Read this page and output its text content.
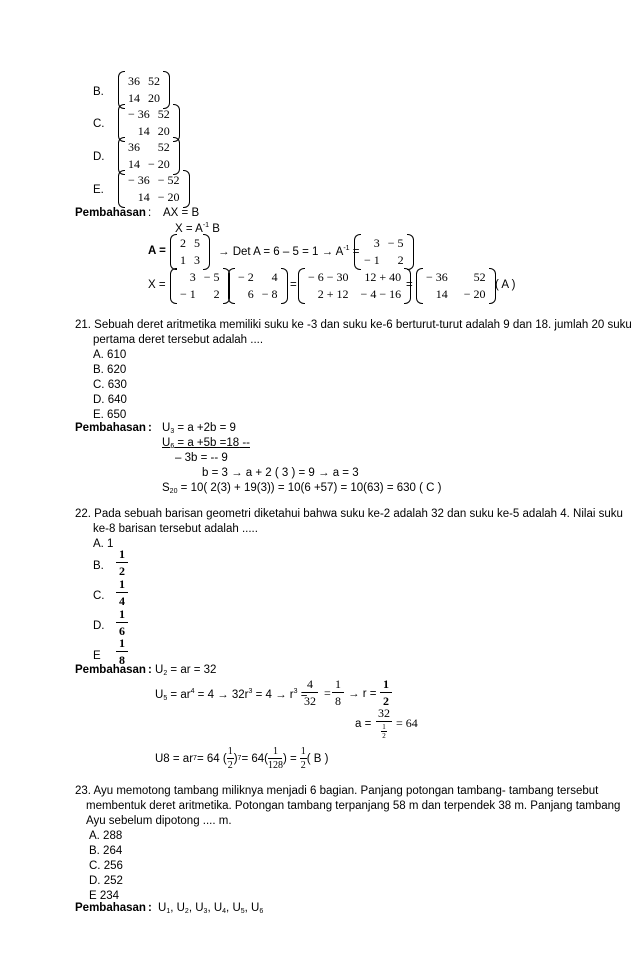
B.
36 52
14 20
C.
− 36 52
14 20
D.
36	52
14 − 20
E.
− 36 − 52
14 − 20
Pembahasan : AX = B
$X = A^{-1}$ B
A =
2 5
1 3
→ Det $A = 6 - 5 = 1 \to A^{-1}$ =
3 − 5
− 1	2
X =
3 − 5
− 1	2
− 2	4
6 − 8
=
− 6 − 30	12 + 40
2 + 12 − 4 − 16
=
− 36	52
14 − 20
( A )
21. Sebuah deret aritmetika memiliki suku ke -3 dan suku ke-6 berturut-turut adalah 9 dan 18. jumlah 20 suku
pertama deret tersebut adalah ....
A. 610
B. 620
C. 630
D. 640
E. 650
Pembahasan : $U_3 = a +2b = 9$
$U_6 = a +5b =18$ --
– 3b = -- 9
b = 3 → a + 2 ( 3 ) = 9 → a = 3
$S_{20} = 10$( 2(3) + 19(3)) = 10(6 +57) = 10(63) = 630 ( C )
22. Pada sebuah barisan geometri diketahui bahwa suku ke-2 adalah 32 dan suku ke-5 adalah 4. Nilai suku
ke-8 barisan tersebut adalah .....
A. 1
B.
1
2
C.
1
4
D.
1
6
E
1
8
Pembahasan : $U_2$ = ar = 32
$U_5 = ar^4 = 4 \to 32r^3 = 4 \to r^3$ =
4
32
=
1
8 → r =
1
2
a =
32
1
2
= 64
U8 = ar 7 = 64 (
1
2
) 7 = 64(
1
128
) =
1
2
( B )
23. Ayu memotong tambang miliknya menjadi 6 bagian. Panjang potongan tambang- tambang tersebut
membentuk deret aritmetika. Potongan tambang terpanjang 58 m dan terpendek 38 m. Panjang tambang
Ayu sebelum dipotong .... m.
A. 288
B. 264
C. 256
D. 252
E 234
Pembahasan : $U_1$, $U_2$, $U_3$, $U_4$, $U_5$, $U_6$
